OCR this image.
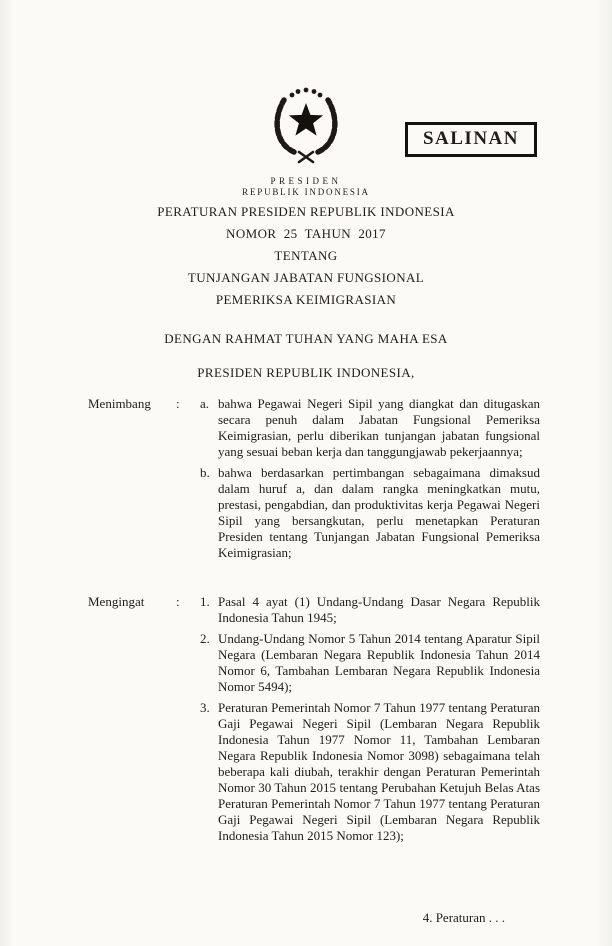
SALINAN
PRESIDEN
REPUBLIK INDONESIA
PERATURAN PRESIDEN REPUBLIK INDONESIA
NOMOR  25  TAHUN  2017
TENTANG
TUNJANGAN JABATAN FUNGSIONAL
PEMERIKSA KEIMIGRASIAN
DENGAN RAHMAT TUHAN YANG MAHA ESA
PRESIDEN REPUBLIK INDONESIA,
Menimbang	:	a. bahwa Pegawai Negeri Sipil yang diangkat dan ditugaskan secara penuh dalam Jabatan Fungsional Pemeriksa Keimigrasian, perlu diberikan tunjangan jabatan fungsional yang sesuai beban kerja dan tanggungjawab pekerjaannya;
b. bahwa berdasarkan pertimbangan sebagaimana dimaksud dalam huruf a, dan dalam rangka meningkatkan mutu, prestasi, pengabdian, dan produktivitas kerja Pegawai Negeri Sipil yang bersangkutan, perlu menetapkan Peraturan Presiden tentang Tunjangan Jabatan Fungsional Pemeriksa Keimigrasian;
Mengingat	:	1. Pasal 4 ayat (1) Undang-Undang Dasar Negara Republik Indonesia Tahun 1945;
2. Undang-Undang Nomor 5 Tahun 2014 tentang Aparatur Sipil Negara (Lembaran Negara Republik Indonesia Tahun 2014 Nomor 6, Tambahan Lembaran Negara Republik Indonesia Nomor 5494);
3. Peraturan Pemerintah Nomor 7 Tahun 1977 tentang Peraturan Gaji Pegawai Negeri Sipil (Lembaran Negara Republik Indonesia Tahun 1977 Nomor 11, Tambahan Lembaran Negara Republik Indonesia Nomor 3098) sebagaimana telah beberapa kali diubah, terakhir dengan Peraturan Pemerintah Nomor 30 Tahun 2015 tentang Perubahan Ketujuh Belas Atas Peraturan Pemerintah Nomor 7 Tahun 1977 tentang Peraturan Gaji Pegawai Negeri Sipil (Lembaran Negara Republik Indonesia Tahun 2015 Nomor 123);
4. Peraturan . . .
